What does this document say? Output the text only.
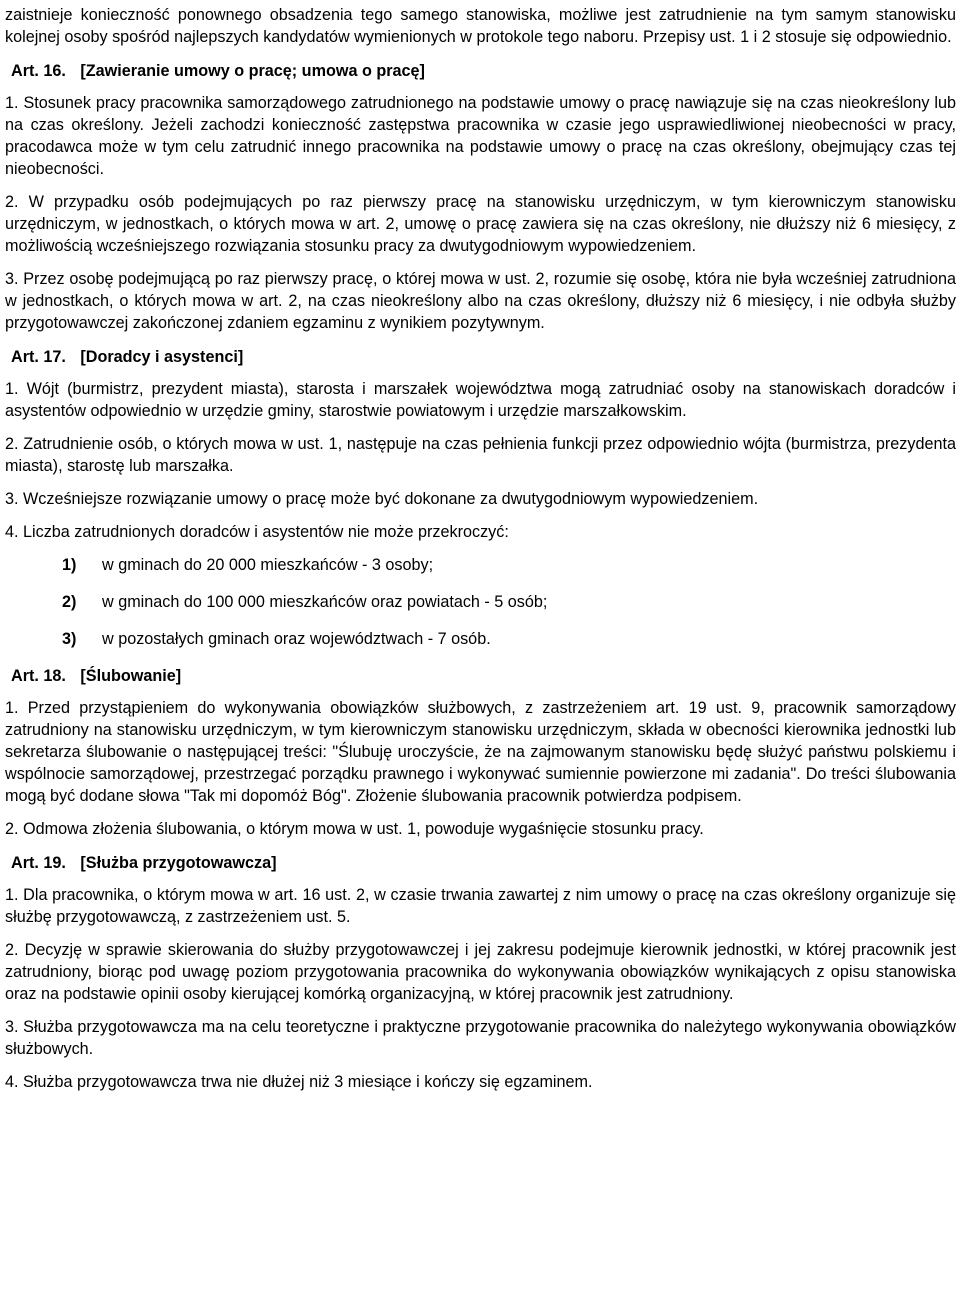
zaistnieje konieczność ponownego obsadzenia tego samego stanowiska, możliwe jest zatrudnienie na tym samym stanowisku kolejnej osoby spośród najlepszych kandydatów wymienionych w protokole tego naboru. Przepisy ust. 1 i 2 stosuje się odpowiednio.

Art. 16. [Zawieranie umowy o pracę; umowa o pracę]

1. Stosunek pracy pracownika samorządowego zatrudnionego na podstawie umowy o pracę nawiązuje się na czas nieokreślony lub na czas określony. Jeżeli zachodzi konieczność zastępstwa pracownika w czasie jego usprawiedliwionej nieobecności w pracy, pracodawca może w tym celu zatrudnić innego pracownika na podstawie umowy o pracę na czas określony, obejmujący czas tej nieobecności.

2. W przypadku osób podejmujących po raz pierwszy pracę na stanowisku urzędniczym, w tym kierowniczym stanowisku urzędniczym, w jednostkach, o których mowa w art. 2, umowę o pracę zawiera się na czas określony, nie dłuższy niż 6 miesięcy, z możliwością wcześniejszego rozwiązania stosunku pracy za dwutygodniowym wypowiedzeniem.

3. Przez osobę podejmującą po raz pierwszy pracę, o której mowa w ust. 2, rozumie się osobę, która nie była wcześniej zatrudniona w jednostkach, o których mowa w art. 2, na czas nieokreślony albo na czas określony, dłuższy niż 6 miesięcy, i nie odbyła służby przygotowawczej zakończonej zdaniem egzaminu z wynikiem pozytywnym.

Art. 17. [Doradcy i asystenci]

1. Wójt (burmistrz, prezydent miasta), starosta i marszałek województwa mogą zatrudniać osoby na stanowiskach doradców i asystentów odpowiednio w urzędzie gminy, starostwie powiatowym i urzędzie marszałkowskim.

2. Zatrudnienie osób, o których mowa w ust. 1, następuje na czas pełnienia funkcji przez odpowiednio wójta (burmistrza, prezydenta miasta), starostę lub marszałka.

3. Wcześniejsze rozwiązanie umowy o pracę może być dokonane za dwutygodniowym wypowiedzeniem.

4. Liczba zatrudnionych doradców i asystentów nie może przekroczyć:

1) w gminach do 20 000 mieszkańców - 3 osoby;
2) w gminach do 100 000 mieszkańców oraz powiatach - 5 osób;
3) w pozostałych gminach oraz województwach - 7 osób.
Art. 18. [Ślubowanie]

1. Przed przystąpieniem do wykonywania obowiązków służbowych, z zastrzeżeniem art. 19 ust. 9, pracownik samorządowy zatrudniony na stanowisku urzędniczym, w tym kierowniczym stanowisku urzędniczym, składa w obecności kierownika jednostki lub sekretarza ślubowanie o następującej treści: "Ślubuję uroczyście, że na zajmowanym stanowisku będę służyć państwu polskiemu i wspólnocie samorządowej, przestrzegać porządku prawnego i wykonywać sumiennie powierzone mi zadania". Do treści ślubowania mogą być dodane słowa "Tak mi dopomóż Bóg". Złożenie ślubowania pracownik potwierdza podpisem.

2. Odmowa złożenia ślubowania, o którym mowa w ust. 1, powoduje wygaśnięcie stosunku pracy.

Art. 19. [Służba przygotowawcza]

1. Dla pracownika, o którym mowa w art. 16 ust. 2, w czasie trwania zawartej z nim umowy o pracę na czas określony organizuje się służbę przygotowawczą, z zastrzeżeniem ust. 5.

2. Decyzję w sprawie skierowania do służby przygotowawczej i jej zakresu podejmuje kierownik jednostki, w której pracownik jest zatrudniony, biorąc pod uwagę poziom przygotowania pracownika do wykonywania obowiązków wynikających z opisu stanowiska oraz na podstawie opinii osoby kierującej komórką organizacyjną, w której pracownik jest zatrudniony.

3. Służba przygotowawcza ma na celu teoretyczne i praktyczne przygotowanie pracownika do należytego wykonywania obowiązków służbowych.

4. Służba przygotowawcza trwa nie dłużej niż 3 miesiące i kończy się egzaminem.
